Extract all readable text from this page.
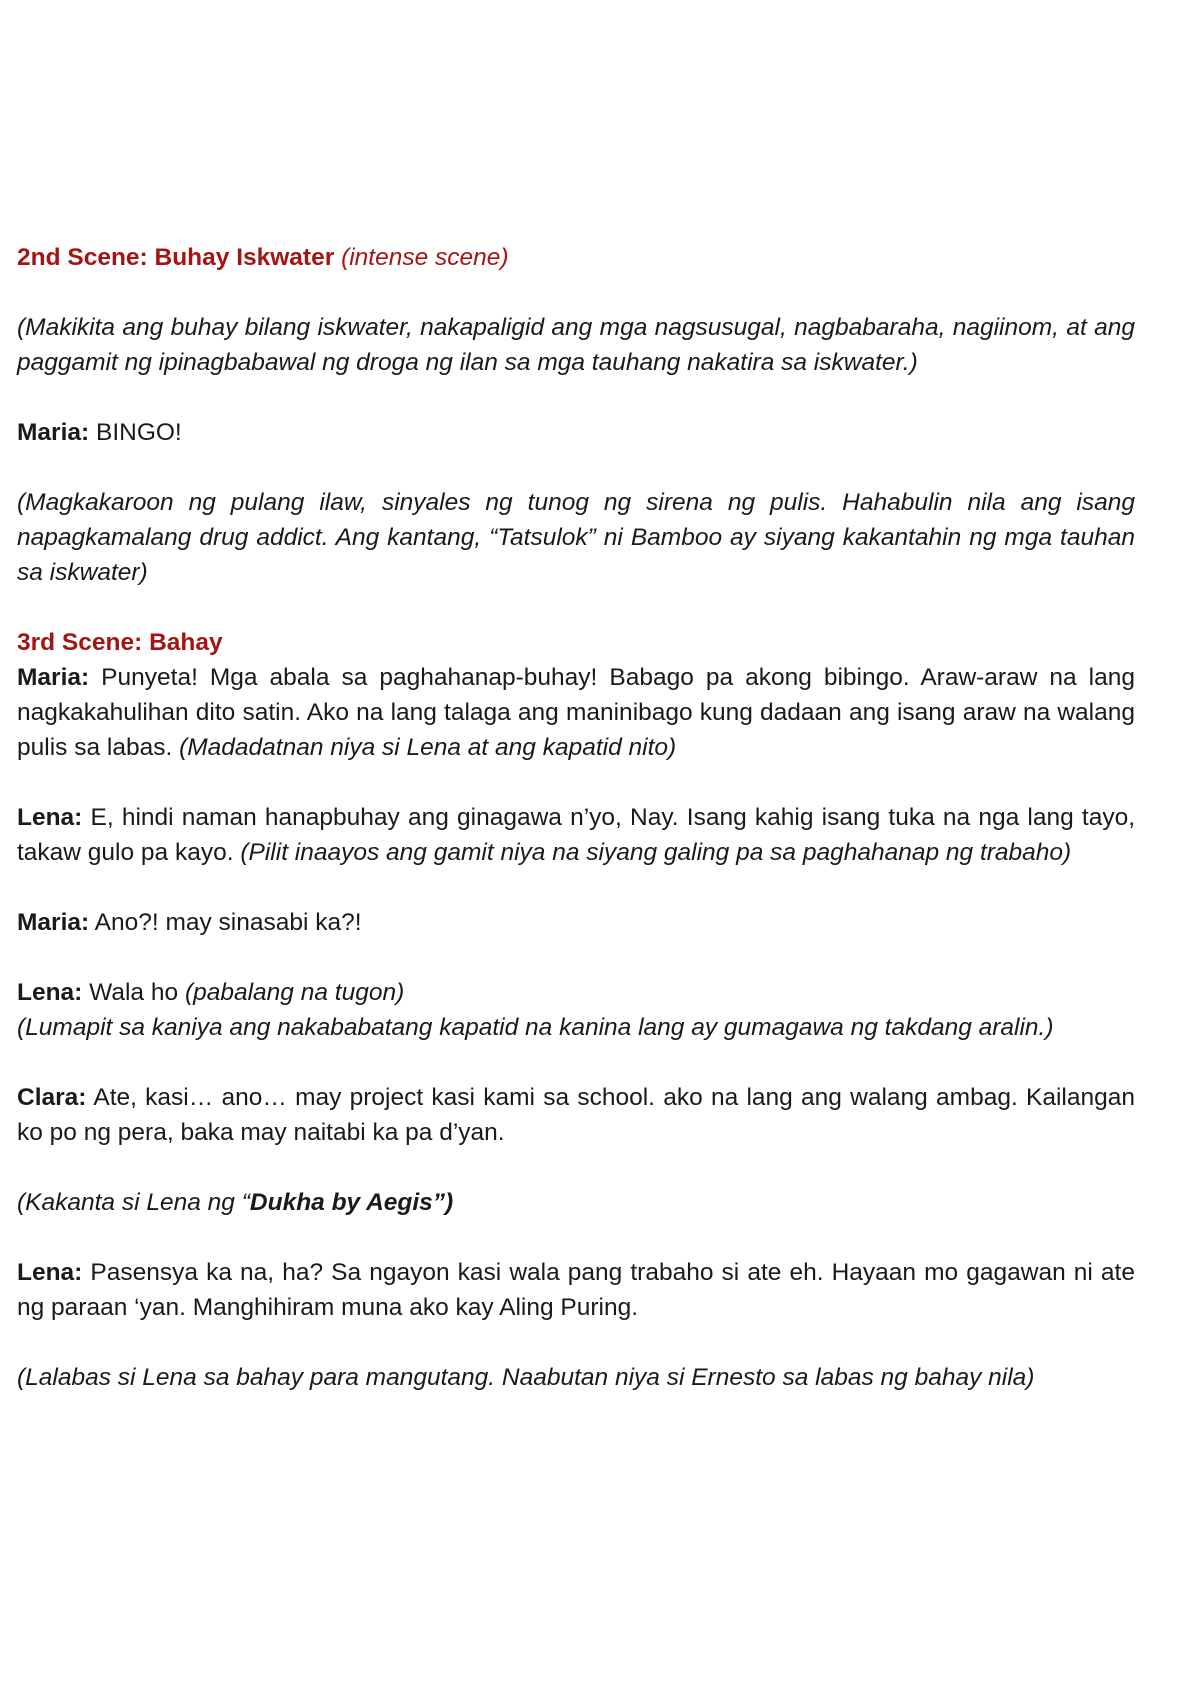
2nd Scene: Buhay Iskwater (intense scene)

(Makikita ang buhay bilang iskwater, nakapaligid ang mga nagsusugal, nagbabaraha, nagiinom, at ang paggamit ng ipinagbabawal ng droga ng ilan sa mga tauhang nakatira sa iskwater.)

Maria: BINGO!

(Magkakaroon ng pulang ilaw, sinyales ng tunog ng sirena ng pulis. Hahabulin nila ang isang napagkamalang drug addict. Ang kantang, “Tatsulok” ni Bamboo ay siyang kakantahin ng mga tauhan sa iskwater)

3rd Scene: Bahay

Maria: Punyeta! Mga abala sa paghahanap-buhay! Babago pa akong bibingo. Araw-araw na lang nagkakahulihan dito satin. Ako na lang talaga ang maninibago kung dadaan ang isang araw na walang pulis sa labas. (Madadatnan niya si Lena at ang kapatid nito)

Lena: E, hindi naman hanapbuhay ang ginagawa n’yo, Nay. Isang kahig isang tuka na nga lang tayo, takaw gulo pa kayo. (Pilit inaayos ang gamit niya na siyang galing pa sa paghahanap ng trabaho)

Maria: Ano?! may sinasabi ka?!

Lena: Wala ho (pabalang na tugon)

(Lumapit sa kaniya ang nakababatang kapatid na kanina lang ay gumagawa ng takdang aralin.)

Clara: Ate, kasi… ano… may project kasi kami sa school. ako na lang ang walang ambag. Kailangan ko po ng pera, baka may naitabi ka pa d’yan.

(Kakanta si Lena ng “Dukha by Aegis”)

Lena: Pasensya ka na, ha? Sa ngayon kasi wala pang trabaho si ate eh. Hayaan mo gagawan ni ate ng paraan ‘yan. Manghihiram muna ako kay Aling Puring.

(Lalabas si Lena sa bahay para mangutang. Naabutan niya si Ernesto sa labas ng bahay nila)
